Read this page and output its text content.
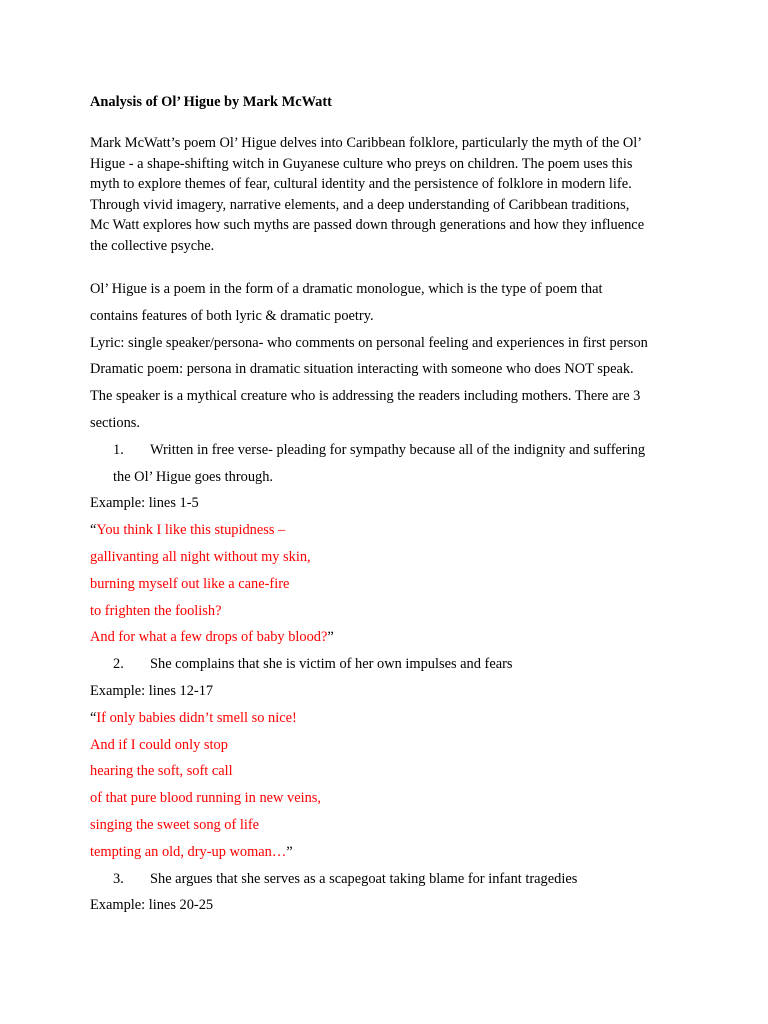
Analysis of Ol’ Higue by Mark McWatt
Mark McWatt’s poem Ol’ Higue delves into Caribbean folklore, particularly the myth of the Ol’
Higue - a shape-shifting witch in Guyanese culture who preys on children. The poem uses this
myth to explore themes of fear, cultural identity and the persistence of folklore in modern life.
Through vivid imagery, narrative elements, and a deep understanding of Caribbean traditions,
Mc Watt explores how such myths are passed down through generations and how they influence
the collective psyche.
Ol’ Higue is a poem in the form of a dramatic monologue, which is the type of poem that
contains features of both lyric & dramatic poetry.
Lyric: single speaker/persona- who comments on personal feeling and experiences in first person
Dramatic poem: persona in dramatic situation interacting with someone who does NOT speak.
The speaker is a mythical creature who is addressing the readers including mothers. There are 3
sections.
1. Written in free verse- pleading for sympathy because all of the indignity and suffering
the Ol’ Higue goes through.
Example: lines 1-5
“You think I like this stupidness –
gallivanting all night without my skin,
burning myself out like a cane-fire
to frighten the foolish?
And for what a few drops of baby blood?”
2. She complains that she is victim of her own impulses and fears
Example: lines 12-17
“If only babies didn’t smell so nice!
And if I could only stop
hearing the soft, soft call
of that pure blood running in new veins,
singing the sweet song of life
tempting an old, dry-up woman…”
3. She argues that she serves as a scapegoat taking blame for infant tragedies
Example: lines 20-25
